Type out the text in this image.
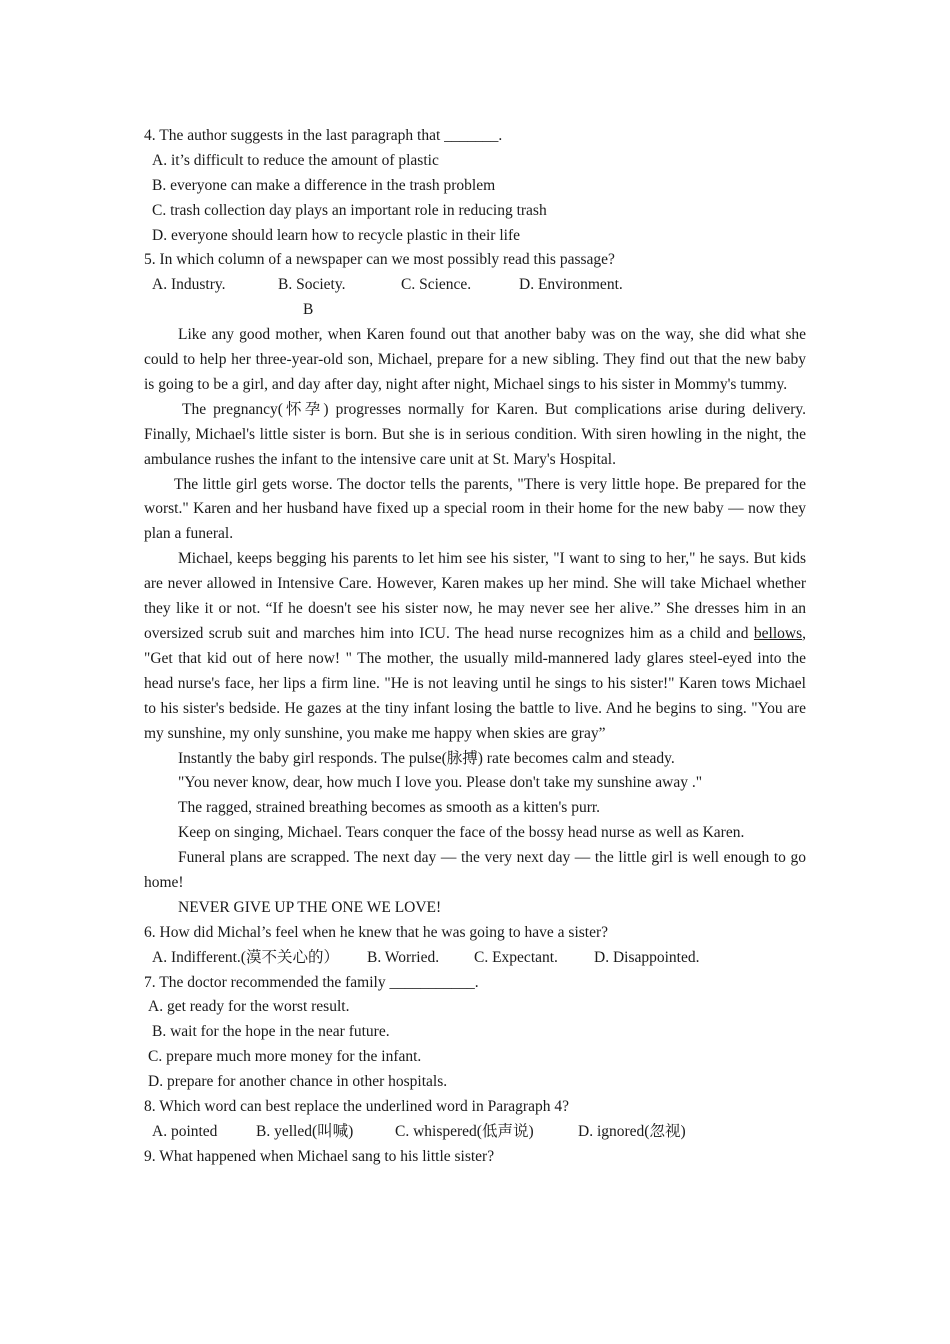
4. The author suggests in the last paragraph that _______.
A. it’s difficult to reduce the amount of plastic
B. everyone can make a difference in the trash problem
C. trash collection day plays an important role in reducing trash
D. everyone should learn how to recycle plastic in their life
5. In which column of a newspaper can we most possibly read this passage?
A. Industry.	B. Society.	C. Science.	D. Environment.
B

Like any good mother, when Karen found out that another baby was on the way, she did what she could to help her three-year-old son, Michael, prepare for a new sibling. They find out that the new baby is going to be a girl, and day after day, night after night, Michael sings to his sister in Mommy's tummy.

The pregnancy(怀孕) progresses normally for Karen. But complications arise during delivery. Finally, Michael's little sister is born. But she is in serious condition. With siren howling in the night, the ambulance rushes the infant to the intensive care unit at St. Mary's Hospital.

The little girl gets worse. The doctor tells the parents, "There is very little hope. Be prepared for the worst." Karen and her husband have fixed up a special room in their home for the new baby — now they plan a funeral.

Michael, keeps begging his parents to let him see his sister, "I want to sing to her," he says. But kids are never allowed in Intensive Care. However, Karen makes up her mind. She will take Michael whether they like it or not. “If he doesn't see his sister now, he may never see her alive.” She dresses him in an oversized scrub suit and marches him into ICU. The head nurse recognizes him as a child and bellows, "Get that kid out of here now! " The mother, the usually mild-mannered lady glares steel-eyed into the head nurse's face, her lips a firm line. "He is not leaving until he sings to his sister!" Karen tows Michael to his sister's bedside. He gazes at the tiny infant losing the battle to live. And he begins to sing. "You are my sunshine, my only sunshine, you make me happy when skies are gray”

Instantly the baby girl responds. The pulse(脉搏) rate becomes calm and steady.
"You never know, dear, how much I love you. Please don't take my sunshine away ."
The ragged, strained breathing becomes as smooth as a kitten's purr.
Keep on singing, Michael. Tears conquer the face of the bossy head nurse as well as Karen.

Funeral plans are scrapped. The next day — the very next day — the little girl is well enough to go home!

NEVER GIVE UP THE ONE WE LOVE!
6. How did Michal’s feel when he knew that he was going to have a sister?
A. Indifferent.(漠不关心的）	B. Worried.	C. Expectant.	D. Disappointed.
7. The doctor recommended the family ___________.
A. get ready for the worst result.
B. wait for the hope in the near future.
C. prepare much more money for the infant.
D. prepare for another chance in other hospitals.
8. Which word can best replace the underlined word in Paragraph 4?
A. pointed	B. yelled(叫喊)	C. whispered(低声说)	D. ignored(忽视)
9. What happened when Michael sang to his little sister?
